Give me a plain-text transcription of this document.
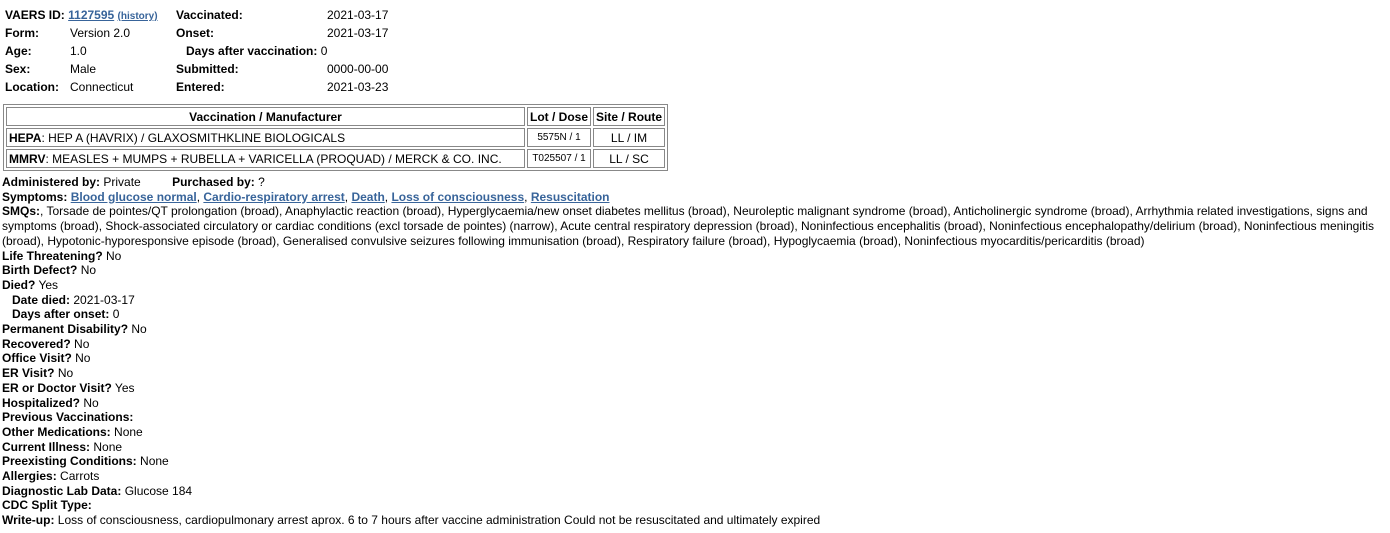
VAERS ID: 1127595 (history)		Vaccinated:	2021-03-17
Form:	Version 2.0	Onset:	2021-03-17
Age:	1.0	Days after vaccination: 0	
Sex:	Male	Submitted:	0000-00-00
Location:	Connecticut	Entered:	2021-03-23
Vaccination / Manufacturer	Lot / Dose	Site / Route
HEPA: HEP A (HAVRIX) / GLAXOSMITHKLINE BIOLOGICALS	5575N / 1	LL / IM
MMRV: MEASLES + MUMPS + RUBELLA + VARICELLA (PROQUAD) / MERCK & CO. INC.	T025507 / 1	LL / SC
Administered by: Private	Purchased by: ?
Symptoms: Blood glucose normal, Cardio-respiratory arrest, Death, Loss of consciousness, Resuscitation
SMQs:, Torsade de pointes/QT prolongation (broad), Anaphylactic reaction (broad), Hyperglycaemia/new onset diabetes mellitus (broad), Neuroleptic malignant syndrome (broad), Anticholinergic syndrome (broad), Arrhythmia related investigations, signs and symptoms (broad), Shock-associated circulatory or cardiac conditions (excl torsade de pointes) (narrow), Acute central respiratory depression (broad), Noninfectious encephalitis (broad), Noninfectious encephalopathy/delirium (broad), Noninfectious meningitis (broad), Hypotonic-hyporesponsive episode (broad), Generalised convulsive seizures following immunisation (broad), Respiratory failure (broad), Hypoglycaemia (broad), Noninfectious myocarditis/pericarditis (broad)
Life Threatening? No
Birth Defect? No
Died? Yes
Date died: 2021-03-17
Days after onset: 0
Permanent Disability? No
Recovered? No
Office Visit? No
ER Visit? No
ER or Doctor Visit? Yes
Hospitalized? No
Previous Vaccinations:
Other Medications: None
Current Illness: None
Preexisting Conditions: None
Allergies: Carrots
Diagnostic Lab Data: Glucose 184
CDC Split Type:
Write-up: Loss of consciousness, cardiopulmonary arrest aprox. 6 to 7 hours after vaccine administration Could not be resuscitated and ultimately expired
